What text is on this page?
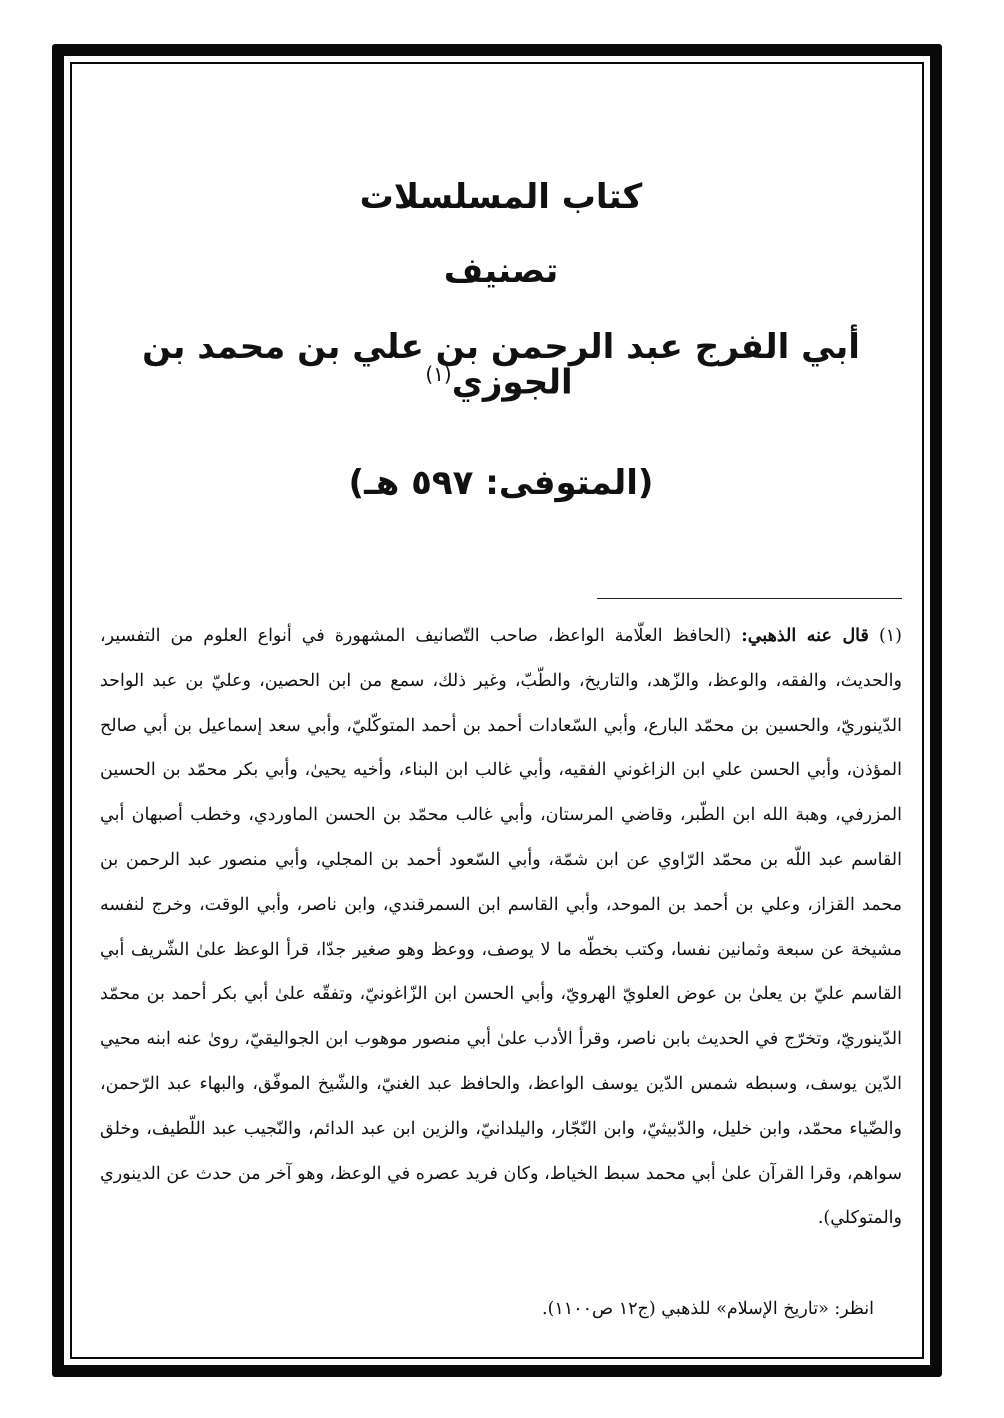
كتاب المسلسلات
تصنيف
أبي الفرج عبد الرحمن بن علي بن محمد بن الجوزي$^{(١)}$
(المتوفى: ٥٩٧ هـ)

(١) قال عنه الذهبي: (الحافظ العلّامة الواعظ، صاحب التّصانيف المشهورة في أنواع العلوم من التفسير، والحديث، والفقه، والوعظ، والزّهد، والتاريخ، والطّبّ، وغير ذلك، سمع من ابن الحصين، وعليّ بن عبد الواحد الدّينوريّ، والحسين بن محمّد البارع، وأبي السّعادات أحمد بن أحمد المتوكّليّ، وأبي سعد إسماعيل بن أبي صالح المؤذن، وأبي الحسن علي ابن الزاغوني الفقيه، وأبي غالب ابن البناء، وأخيه يحيىٰ، وأبي بكر محمّد بن الحسين المزرفي، وهبة الله ابن الطّبر، وقاضي المرستان، وأبي غالب محمّد بن الحسن الماوردي، وخطب أصبهان أبي القاسم عبد اللّه بن محمّد الرّاوي عن ابن شمّة، وأبي السّعود أحمد بن المجلي، وأبي منصور عبد الرحمن بن محمد القزاز، وعلي بن أحمد بن الموحد، وأبي القاسم ابن السمرقندي، وابن ناصر، وأبي الوقت، وخرج لنفسه مشيخة عن سبعة وثمانين نفسا، وكتب بخطّه ما لا يوصف، ووعظ وهو صغير جدّا، قرأ الوعظ علىٰ الشّريف أبي القاسم عليّ بن يعلىٰ بن عوض العلويّ الهرويّ، وأبي الحسن ابن الزّاغونيّ، وتفقّه علىٰ أبي بكر أحمد بن محمّد الدّينوريّ، وتخرّج في الحديث بابن ناصر، وقرأ الأدب علىٰ أبي منصور موهوب ابن الجواليقيّ، روىٰ عنه ابنه محيي الدّين يوسف، وسبطه شمس الدّين يوسف الواعظ، والحافظ عبد الغنيّ، والشّيخ الموفّق، والبهاء عبد الرّحمن، والضّياء محمّد، وابن خليل، والدّبيثيّ، وابن النّجّار، واليلدانيّ، والزين ابن عبد الدائم، والنّجيب عبد اللّطيف، وخلق سواهم، وقرا القرآن علىٰ أبي محمد سبط الخياط، وكان فريد عصره في الوعظ، وهو آخر من حدث عن الدينوري والمتوكلي).

انظر: «تاريخ الإسلام» للذهبي (ج١٢ ص١١٠٠).
